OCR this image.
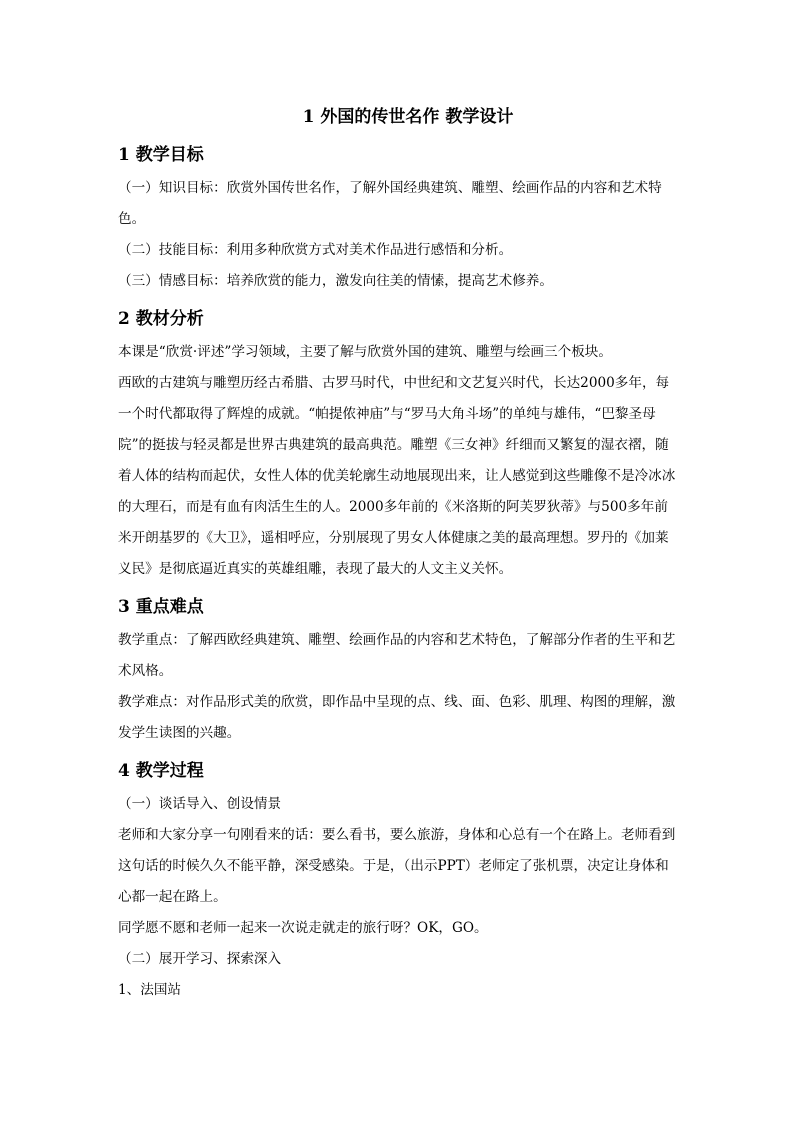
1 外国的传世名作 教学设计
1 教学目标

（一）知识目标：欣赏外国传世名作，了解外国经典建筑、雕塑、绘画作品的内容和艺术特色。

（二）技能目标：利用多种欣赏方式对美术作品进行感悟和分析。

（三）情感目标：培养欣赏的能力，激发向往美的情愫，提高艺术修养。

2 教材分析

本课是“欣赏·评述”学习领域，主要了解与欣赏外国的建筑、雕塑与绘画三个板块。

西欧的古建筑与雕塑历经古希腊、古罗马时代，中世纪和文艺复兴时代，长达2000多年，每一个时代都取得了辉煌的成就。“帕提侬神庙”与“罗马大角斗场”的单纯与雄伟，“巴黎圣母院”的挺拔与轻灵都是世界古典建筑的最高典范。雕塑《三女神》纤细而又繁复的湿衣褶，随着人体的结构而起伏，女性人体的优美轮廓生动地展现出来，让人感觉到这些雕像不是冷冰冰的大理石，而是有血有肉活生生的人。2000多年前的《米洛斯的阿芙罗狄蒂》与500多年前米开朗基罗的《大卫》，遥相呼应，分别展现了男女人体健康之美的最高理想。罗丹的《加莱义民》是彻底逼近真实的英雄组雕，表现了最大的人文主义关怀。

3 重点难点

教学重点：了解西欧经典建筑、雕塑、绘画作品的内容和艺术特色，了解部分作者的生平和艺术风格。

教学难点：对作品形式美的欣赏，即作品中呈现的点、线、面、色彩、肌理、构图的理解，激发学生读图的兴趣。

4 教学过程

（一）谈话导入、创设情景

老师和大家分享一句刚看来的话：要么看书，要么旅游，身体和心总有一个在路上。老师看到这句话的时候久久不能平静，深受感染。于是，（出示PPT）老师定了张机票，决定让身体和心都一起在路上。

同学愿不愿和老师一起来一次说走就走的旅行呀？OK，GO。

（二）展开学习、探索深入

1、法国站
